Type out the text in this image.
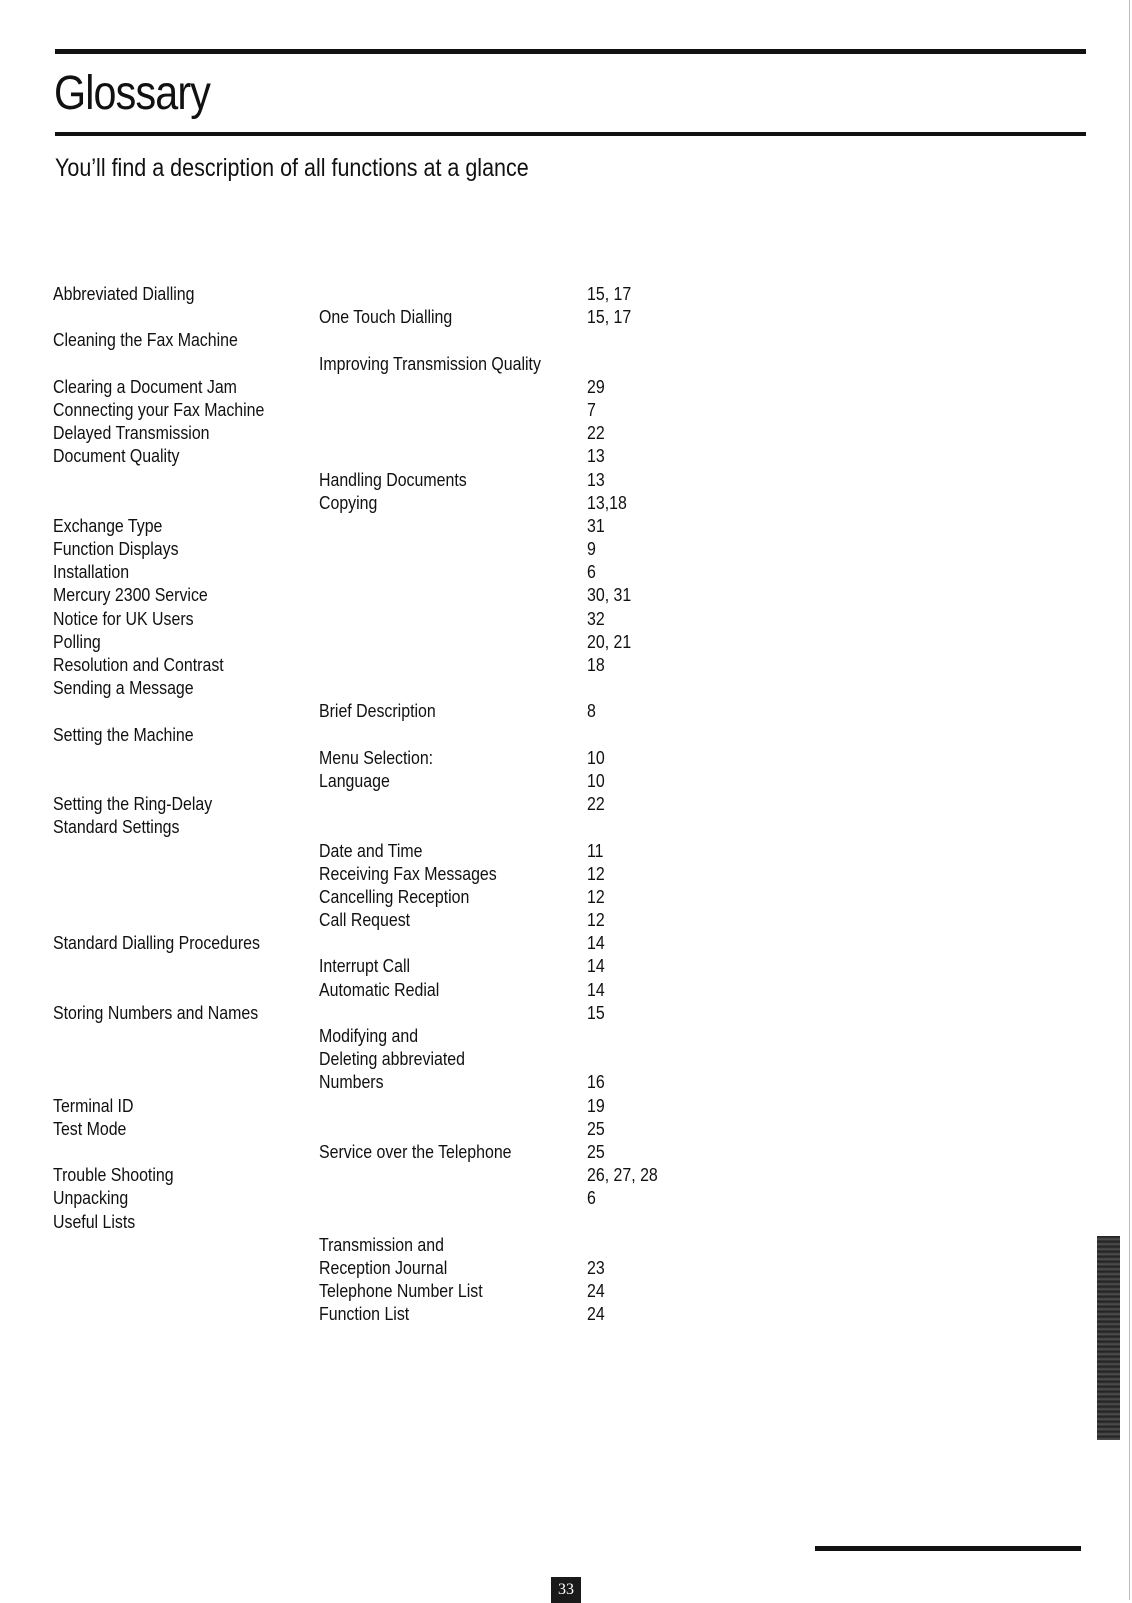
Glossary
You’ll find a description of all functions at a glance
Abbreviated Dialling	15, 17
One Touch Dialling	15, 17
Cleaning the Fax Machine
Improving Transmission Quality
Clearing a Document Jam	29
Connecting your Fax Machine	7
Delayed Transmission	22
Document Quality	13
Handling Documents	13
Copying	13,18
Exchange Type	31
Function Displays	9
Installation	6
Mercury 2300 Service	30, 31
Notice for UK Users	32
Polling	20, 21
Resolution and Contrast	18
Sending a Message
Brief Description	8
Setting the Machine
Menu Selection:	10
Language	10
Setting the Ring-Delay	22
Standard Settings
Date and Time	11
Receiving Fax Messages	12
Cancelling Reception	12
Call Request	12
Standard Dialling Procedures	14
Interrupt Call	14
Automatic Redial	14
Storing Numbers and Names	15
Modifying and
Deleting abbreviated
Numbers	16
Terminal ID	19
Test Mode	25
Service over the Telephone	25
Trouble Shooting	26, 27, 28
Unpacking	6
Useful Lists
Transmission and
Reception Journal	23
Telephone Number List	24
Function List	24
33
